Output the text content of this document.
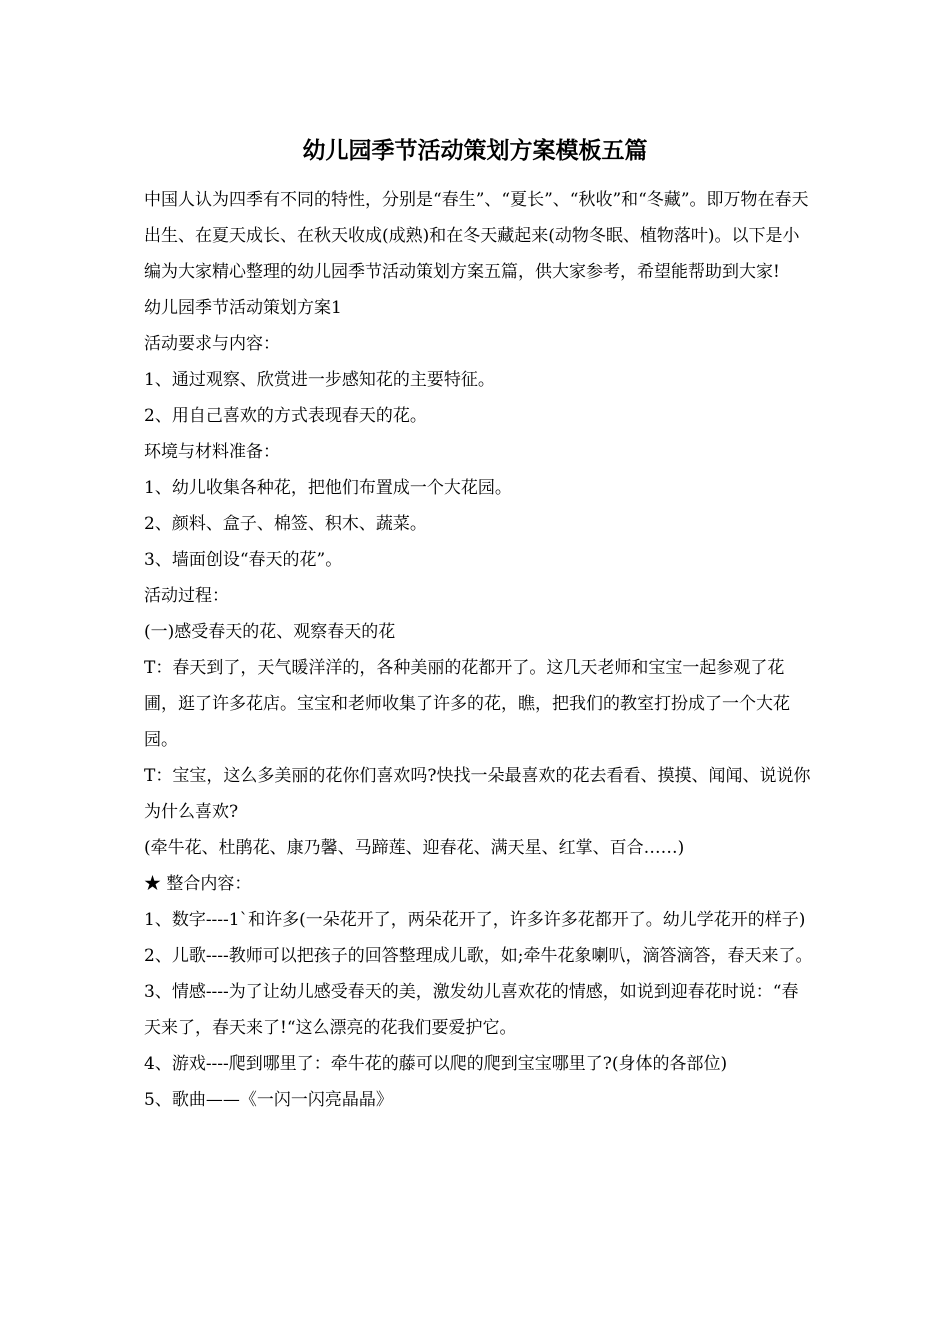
幼儿园季节活动策划方案模板五篇

中国人认为四季有不同的特性，分别是“春生”、“夏长”、“秋收”和“冬藏”。即万物在春天出生、在夏天成长、在秋天收成(成熟)和在冬天藏起来(动物冬眠、植物落叶)。以下是小编为大家精心整理的幼儿园季节活动策划方案五篇，供大家参考，希望能帮助到大家!

幼儿园季节活动策划方案1

活动要求与内容：

1、通过观察、欣赏进一步感知花的主要特征。

2、用自己喜欢的方式表现春天的花。

环境与材料准备：

1、幼儿收集各种花，把他们布置成一个大花园。

2、颜料、盒子、棉签、积木、蔬菜。

3、墙面创设“春天的花”。

活动过程：

(一)感受春天的花、观察春天的花

T：春天到了，天气暖洋洋的，各种美丽的花都开了。这几天老师和宝宝一起参观了花圃，逛了许多花店。宝宝和老师收集了许多的花，瞧，把我们的教室打扮成了一个大花园。

T：宝宝，这么多美丽的花你们喜欢吗?快找一朵最喜欢的花去看看、摸摸、闻闻、说说你为什么喜欢?

(牵牛花、杜鹃花、康乃馨、马蹄莲、迎春花、满天星、红掌、百合……)

★ 整合内容：

1、数字----1`和许多(一朵花开了，两朵花开了，许多许多花都开了。幼儿学花开的样子)

2、儿歌----教师可以把孩子的回答整理成儿歌，如;牵牛花象喇叭，滴答滴答，春天来了。

3、情感----为了让幼儿感受春天的美，激发幼儿喜欢花的情感，如说到迎春花时说：“春天来了，春天来了!“这么漂亮的花我们要爱护它。

4、游戏----爬到哪里了：牵牛花的藤可以爬的爬到宝宝哪里了?(身体的各部位)

5、歌曲——《一闪一闪亮晶晶》
